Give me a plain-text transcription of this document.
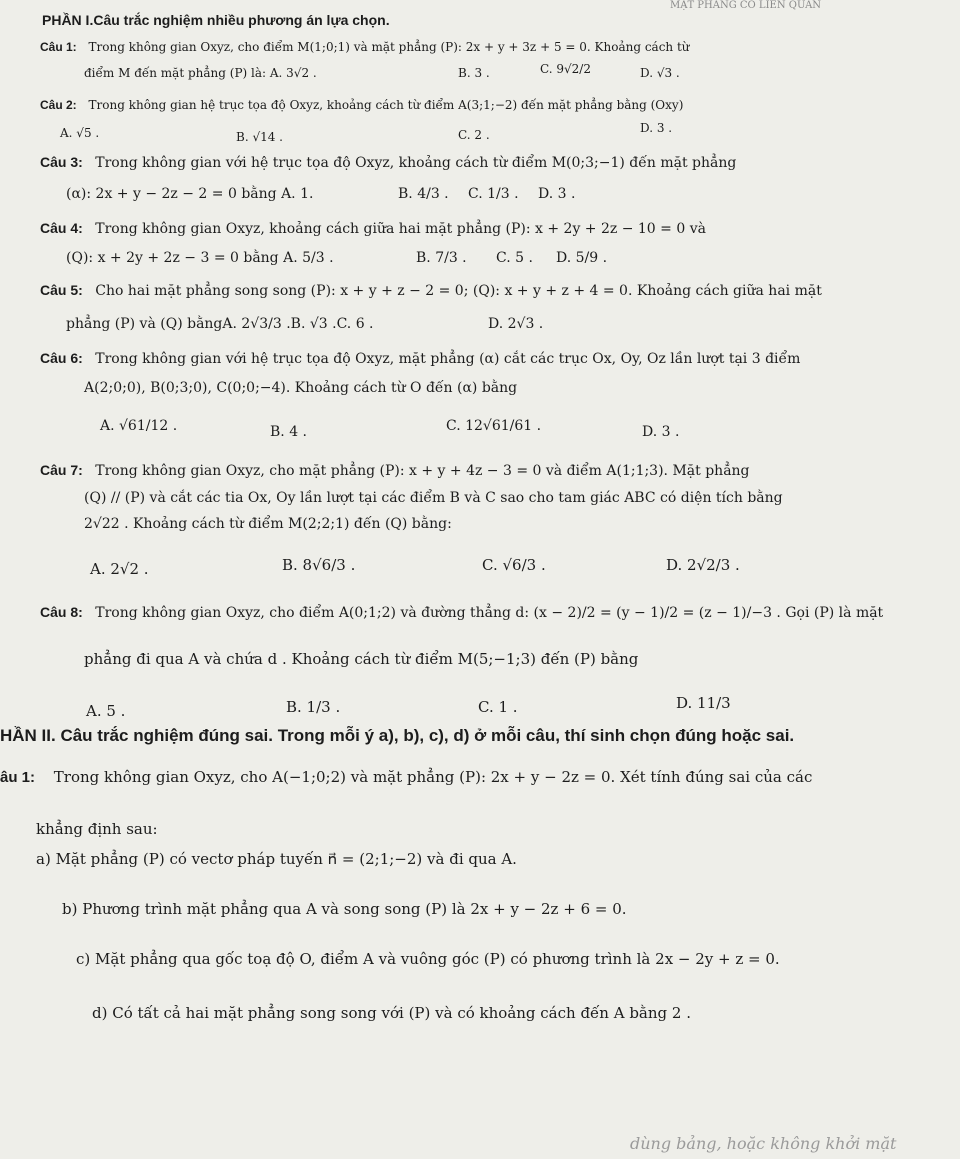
MẶT PHẲNG CÓ LIÊN QUAN
PHẦN I.Câu trắc nghiệm nhiều phương án lựa chọn.
Câu 1: Trong không gian Oxyz, cho điểm M(1;0;1) và mặt phẳng (P): 2x + y + 3z + 5 = 0. Khoảng cách từ
điểm M đến mặt phẳng (P) là: A. 3√2 .	B. 3 .	C. 9√2/2	D. √3 .
Câu 2: Trong không gian hệ trục tọa độ Oxyz, khoảng cách từ điểm A(3;1;−2) đến mặt phẳng bằng (Oxy)
A. √5 .	B. √14 .	C. 2 .	D. 3 .
Câu 3: Trong không gian với hệ trục tọa độ Oxyz, khoảng cách từ điểm M(0;3;−1) đến mặt phẳng
(α): 2x + y − 2z − 2 = 0 bằng A. 1.	B. 4/3 . C. 1/3 . D. 3 .
Câu 4: Trong không gian Oxyz, khoảng cách giữa hai mặt phẳng (P): x + 2y + 2z − 10 = 0 và
(Q): x + 2y + 2z − 3 = 0 bằng A. 5/3 .	B. 7/3 . C. 5 . D. 5/9 .
Câu 5: Cho hai mặt phẳng song song (P): x + y + z − 2 = 0; (Q): x + y + z + 4 = 0. Khoảng cách giữa hai mặt
phẳng (P) và (Q) bằngA. 2√3/3 .B. √3 .C. 6 .	D. 2√3 .
Câu 6: Trong không gian với hệ trục tọa độ Oxyz, mặt phẳng (α) cắt các trục Ox, Oy, Oz lần lượt tại 3 điểm
A(2;0;0), B(0;3;0), C(0;0;−4). Khoảng cách từ O đến (α) bằng
A. √61/12 .	B. 4 .	C. 12√61/61 .	D. 3 .
Câu 7: Trong không gian Oxyz, cho mặt phẳng (P): x + y + 4z − 3 = 0 và điểm A(1;1;3). Mặt phẳng
(Q) // (P) và cắt các tia Ox, Oy lần lượt tại các điểm B và C sao cho tam giác ABC có diện tích bằng
2√22 . Khoảng cách từ điểm M(2;2;1) đến (Q) bằng:
A. 2√2 .	B. 8√6/3 .	C. √6/3 .	D. 2√2/3 .
Câu 8: Trong không gian Oxyz, cho điểm A(0;1;2) và đường thẳng d: (x − 2)/2 = (y − 1)/2 = (z − 1)/−3 . Gọi (P) là mặt
phẳng đi qua A và chứa d . Khoảng cách từ điểm M(5;−1;3) đến (P) bằng
A. 5 .	B. 1/3 .	C. 1 .	D. 11/3
HẦN II. Câu trắc nghiệm đúng sai. Trong mỗi ý a), b), c), d) ở mỗi câu, thí sinh chọn đúng hoặc sai.
âu 1: Trong không gian Oxyz, cho A(−1;0;2) và mặt phẳng (P): 2x + y − 2z = 0. Xét tính đúng sai của các
khẳng định sau:
a) Mặt phẳng (P) có vectơ pháp tuyến n⃗ = (2;1;−2) và đi qua A.
b) Phương trình mặt phẳng qua A và song song (P) là 2x + y − 2z + 6 = 0.
c) Mặt phẳng qua gốc toạ độ O, điểm A và vuông góc (P) có phương trình là 2x − 2y + z = 0.
d) Có tất cả hai mặt phẳng song song với (P) và có khoảng cách đến A bằng 2 .
dùng bảng, hoặc không khởi mặt
